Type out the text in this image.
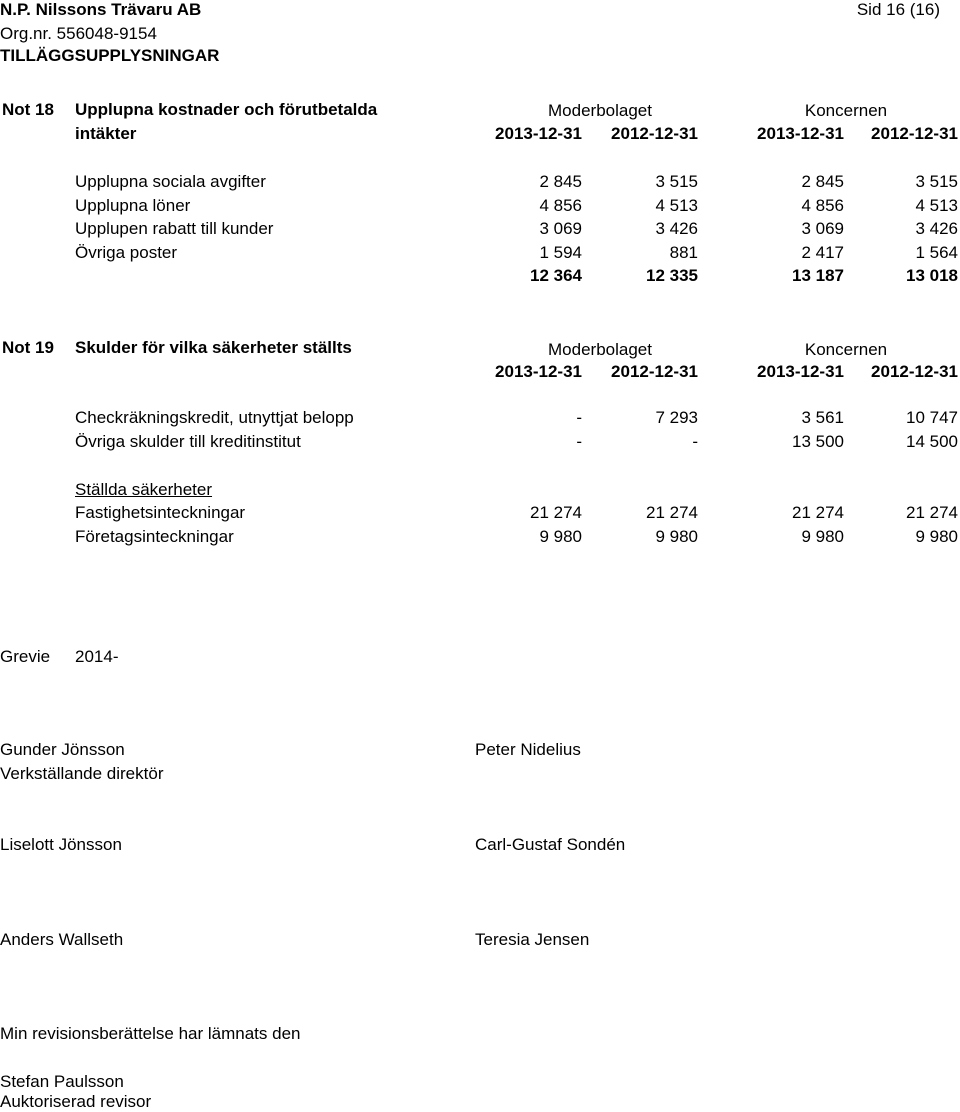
N.P. Nilssons Trävaru AB	Sid 16 (16)
Org.nr. 556048-9154
TILLÄGGSUPPLYSNINGAR
Not 18 Upplupna kostnader och förutbetalda
intäkter
Moderbolaget	Koncernen
2013-12-31	2012-12-31	2013-12-31	2012-12-31
Upplupna sociala avgifter	2 845	3 515	2 845	3 515
Upplupna löner	4 856	4 513	4 856	4 513
Upplupen rabatt till kunder	3 069	3 426	3 069	3 426
Övriga poster	1 594	881	2 417	1 564
12 364	12 335	13 187	13 018
Not 19 Skulder för vilka säkerheter ställts	Moderbolaget	Koncernen
2013-12-31	2012-12-31	2013-12-31	2012-12-31
Checkräkningskredit, utnyttjat belopp	-	7 293	3 561	10 747
Övriga skulder till kreditinstitut	-	-	13 500	14 500
Ställda säkerheter
Fastighetsinteckningar	21 274	21 274	21 274	21 274
Företagsinteckningar	9 980	9 980	9 980	9 980
Grevie 2014-
Gunder Jönsson
Verkställande direktör
Peter Nidelius
Liselott Jönsson	Carl-Gustaf Sondén
Anders Wallseth	Teresia Jensen
Min revisionsberättelse har lämnats den
Stefan Paulsson
Auktoriserad revisor
